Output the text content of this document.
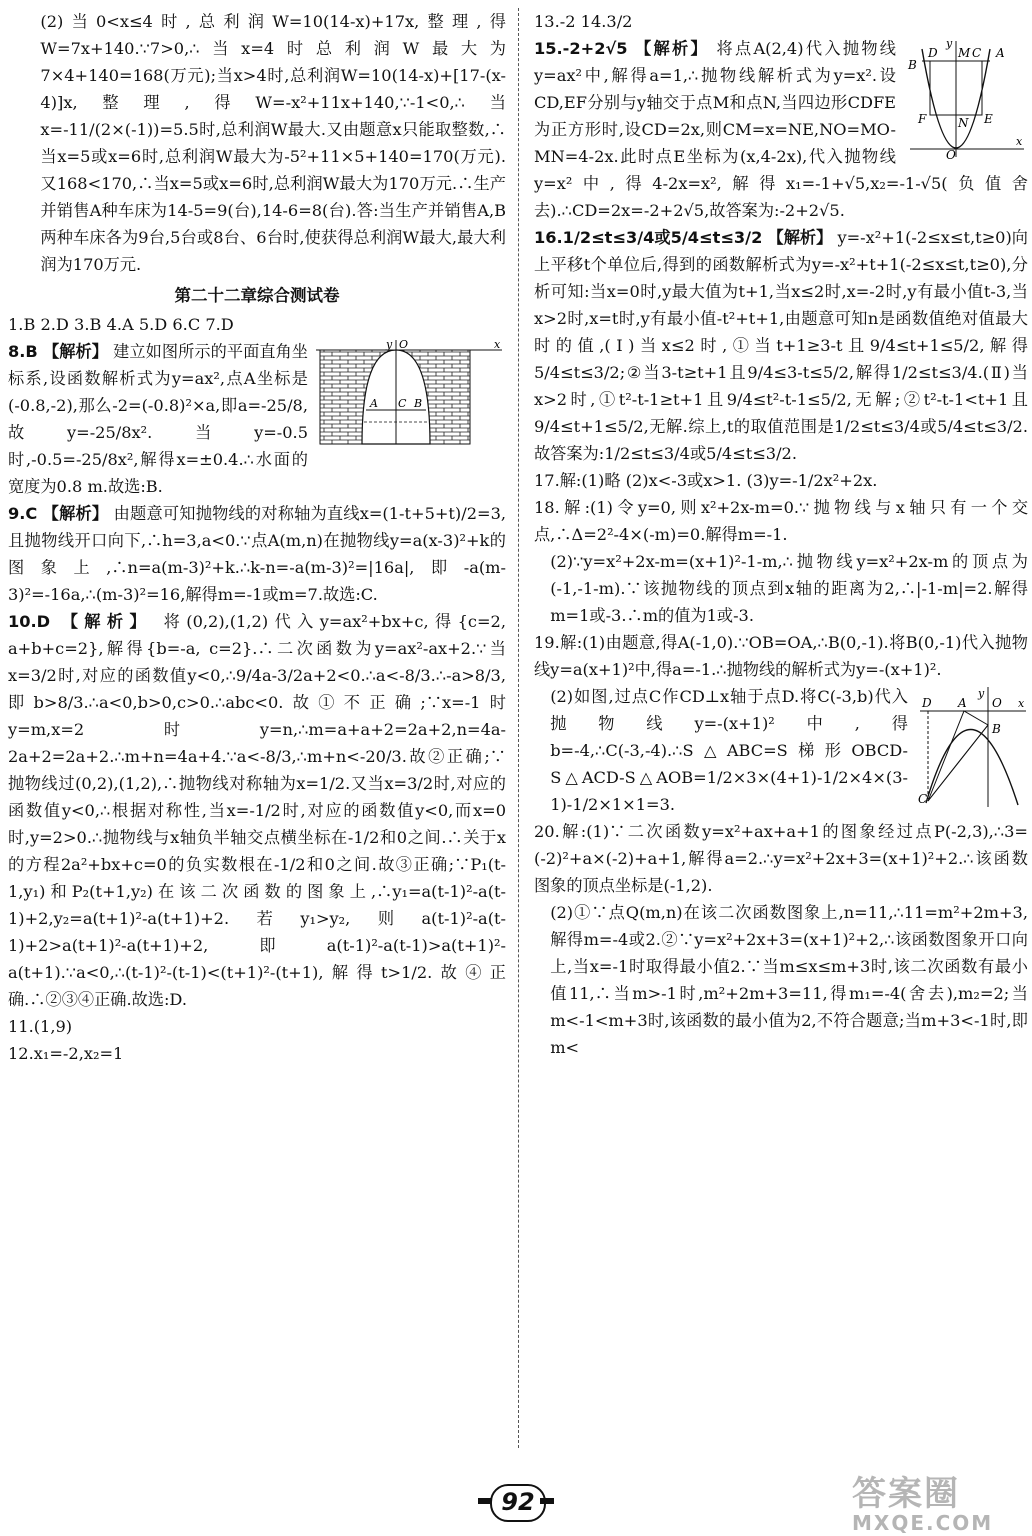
(2)当0<x≤4时,总利润W=10(14-x)+17x,整理,得W=7x+140.∵7>0,∴当x=4时总利润W最大为7×4+140=168(万元);当x>4时,总利润W=10(14-x)+[17-(x-4)]x,整理,得W=-x²+11x+140,∵-1<0,∴当x=-11/(2×(-1))=5.5时,总利润W最大.又由题意x只能取整数,∴当x=5或x=6时,总利润W最大为-5²+11×5+140=170(万元).又168<170,∴当x=5或x=6时,总利润W最大为170万元.∴生产并销售A种车床为14-5=9(台),14-6=8(台).答:当生产并销售A,B两种车床各为9台,5台或8台、6台时,使获得总利润W最大,最大利润为170万元.

第二十二章综合测试卷

1.B 2.D 3.B 4.A 5.D 6.C 7.D

y O	x
A C B
8.B 【解析】 建立如图所示的平面直角坐标系,设函数解析式为y=ax²,点A坐标是(-0.8,-2),那么-2=(-0.8)²×a,即a=-25/8,故y=-25/8x².当y=-0.5时,-0.5=-25/8x²,解得x=±0.4.∴水面的宽度为0.8 m.故选:B.
9.C 【解析】 由题意可知抛物线的对称轴为直线x=(1-t+5+t)/2=3,且抛物线开口向下,∴h=3,a<0.∵点A(m,n)在抛物线y=a(x-3)²+k的图象上,∴n=a(m-3)²+k.∴k-n=-a(m-3)²=|16a|,即-a(m-3)²=-16a,∴(m-3)²=16,解得m=-1或m=7.故选:C.
10.D 【解析】 将(0,2),(1,2)代入y=ax²+bx+c,得{c=2, a+b+c=2},解得{b=-a, c=2}.∴二次函数为y=ax²-ax+2.∵当x=3/2时,对应的函数值y<0,∴9/4a-3/2a+2<0.∴a<-8/3.∴-a>8/3,即b>8/3.∴a<0,b>0,c>0.∴abc<0.故①不正确;∵x=-1时y=m,x=2时y=n,∴m=a+a+2=2a+2,n=4a-2a+2=2a+2.∴m+n=4a+4.∵a<-8/3,∴m+n<-20/3.故②正确;∵抛物线过(0,2),(1,2),∴抛物线对称轴为x=1/2.又当x=3/2时,对应的函数值y<0,∴根据对称性,当x=-1/2时,对应的函数值y<0,而x=0时,y=2>0.∴抛物线与x轴负半轴交点横坐标在-1/2和0之间.∴关于x的方程2a²+bx+c=0的负实数根在-1/2和0之间.故③正确;∵P₁(t-1,y₁)和P₂(t+1,y₂)在该二次函数的图象上,∴y₁=a(t-1)²-a(t-1)+2,y₂=a(t+1)²-a(t+1)+2.若y₁>y₂,则a(t-1)²-a(t-1)+2>a(t+1)²-a(t+1)+2,即a(t-1)²-a(t-1)>a(t+1)²-a(t+1).∵a<0,∴(t-1)²-(t-1)<(t+1)²-(t+1),解得t>1/2.故④正确.∴②③④正确.故选:D.

11.(1,9)

12.x₁=-2,x₂=1

13.-2 14.3/2

y
B
D M C A
F	N E
O
x
15.-2+2√5 【解析】 将点A(2,4)代入抛物线y=ax²中,解得a=1,∴抛物线解析式为y=x².设CD,EF分别与y轴交于点M和点N,当四边形CDFE为正方形时,设CD=2x,则CM=x=NE,NO=MO-MN=4-2x.此时点E坐标为(x,4-2x),代入抛物线y=x²中,得4-2x=x²,解得x₁=-1+√5,x₂=-1-√5(负值舍去).∴CD=2x=-2+2√5,故答案为:-2+2√5.
16.1/2≤t≤3/4或5/4≤t≤3/2 【解析】 y=-x²+1(-2≤x≤t,t≥0)向上平移t个单位后,得到的函数解析式为y=-x²+t+1(-2≤x≤t,t≥0),分析可知:当x=0时,y最大值为t+1,当x≤2时,x=-2时,y有最小值t-3,当x>2时,x=t时,y有最小值-t²+t+1,由题意可知n是函数值绝对值最大时的值,(Ⅰ)当x≤2时,①当t+1≥3-t且9/4≤t+1≤5/2,解得5/4≤t≤3/2;②当3-t≥t+1且9/4≤3-t≤5/2,解得1/2≤t≤3/4.(Ⅱ)当x>2时,①t²-t-1≥t+1且9/4≤t²-t-1≤5/2,无解;②t²-t-1<t+1且9/4≤t+1≤5/2,无解.综上,t的取值范围是1/2≤t≤3/4或5/4≤t≤3/2.故答案为:1/2≤t≤3/4或5/4≤t≤3/2.

17.解:(1)略 (2)x<-3或x>1. (3)y=-1/2x²+2x.

18.解:(1)令y=0,则x²+2x-m=0.∵抛物线与x轴只有一个交点,∴Δ=2²-4×(-m)=0.解得m=-1.

(2)∵y=x²+2x-m=(x+1)²-1-m,∴抛物线y=x²+2x-m的顶点为(-1,-1-m).∵该抛物线的顶点到x轴的距离为2,∴|-1-m|=2.解得m=1或-3.∴m的值为1或-3.

19.解:(1)由题意,得A(-1,0).∵OB=OA,∴B(0,-1).将B(0,-1)代入抛物线y=a(x+1)²中,得a=-1.∴抛物线的解析式为y=-(x+1)².

y
D A O x
B
C
(2)如图,过点C作CD⊥x轴于点D.将C(-3,b)代入抛物线y=-(x+1)²中,得b=-4,∴C(-3,-4).∴S△ABC=S梯形OBCD-S△ACD-S△AOB=1/2×3×(4+1)-1/2×4×(3-1)-1/2×1×1=3.

20.解:(1)∵二次函数y=x²+ax+a+1的图象经过点P(-2,3),∴3=(-2)²+a×(-2)+a+1,解得a=2.∴y=x²+2x+3=(x+1)²+2.∴该函数图象的顶点坐标是(-1,2).

(2)①∵点Q(m,n)在该二次函数图象上,n=11,∴11=m²+2m+3,解得m=-4或2.②∵y=x²+2x+3=(x+1)²+2,∴该函数图象开口向上,当x=-1时取得最小值2.∵当m≤x≤m+3时,该二次函数有最小值11,∴当m>-1时,m²+2m+3=11,得m₁=-4(舍去),m₂=2;当m<-1<m+3时,该函数的最小值为2,不符合题意;当m+3<-1时,即m<

92	答案圈
MXQE.COM
